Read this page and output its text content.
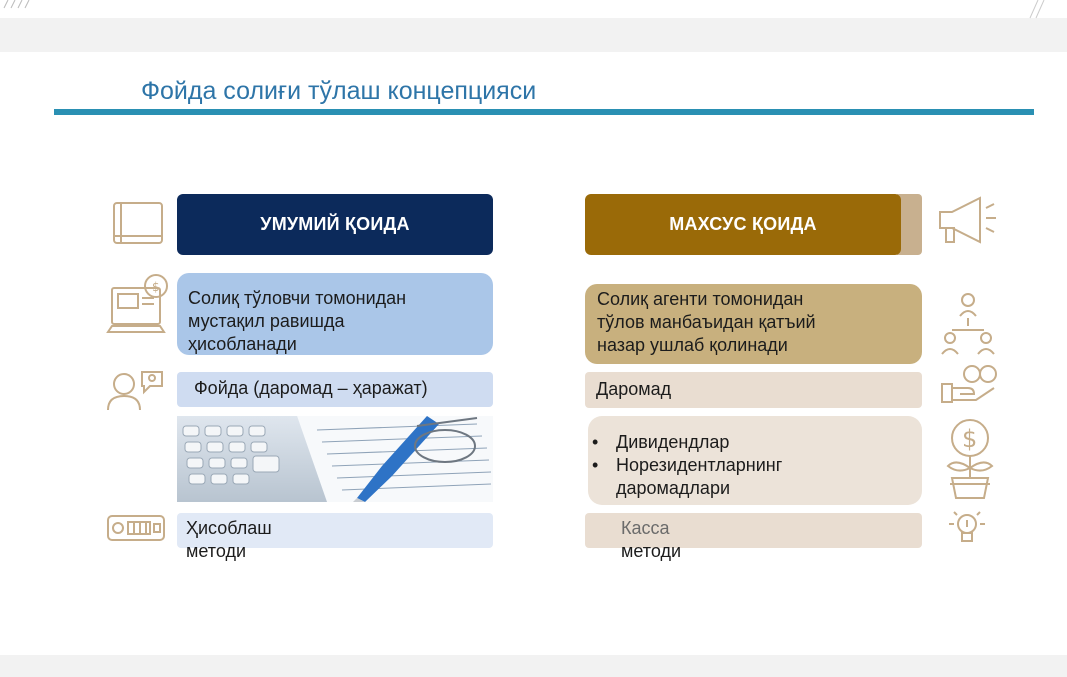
Фойда солиғи тўлаш концепцияси
УМУМИЙ ҚОИДА
Солиқ тўловчи томонидан
мустақил равишда
ҳисобланади
Фойда (даромад – ҳаражат)
Ҳисоблаш
методи
МАХСУС ҚОИДА
Солиқ агенти томонидан
тўлов манбаъидан қатъий
назар ушлаб қолинади
Даромад
• Дивидендлар
• Норезидентларнинг
даромадлари
Касса
методи
$
$
